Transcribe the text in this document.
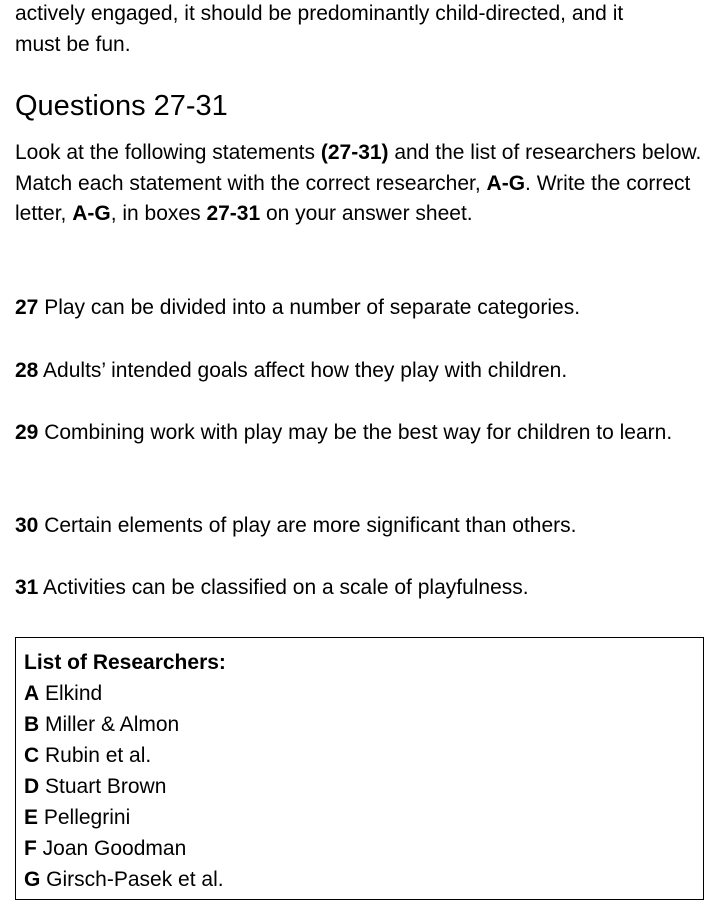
actively engaged, it should be predominantly child-directed, and it
must be fun.

Questions 27-31

Look at the following statements (27-31) and the list of researchers below.
Match each statement with the correct researcher, A-G. Write the correct letter, A-G, in boxes 27-31 on your answer sheet.

27 Play can be divided into a number of separate categories.

28 Adults’ intended goals affect how they play with children.

29 Combining work with play may be the best way for children to learn.

30 Certain elements of play are more significant than others.

31 Activities can be classified on a scale of playfulness.

List of Researchers:

A Elkind

B Miller & Almon

C Rubin et al.

D Stuart Brown

E Pellegrini

F Joan Goodman

G Girsch-Pasek et al.
